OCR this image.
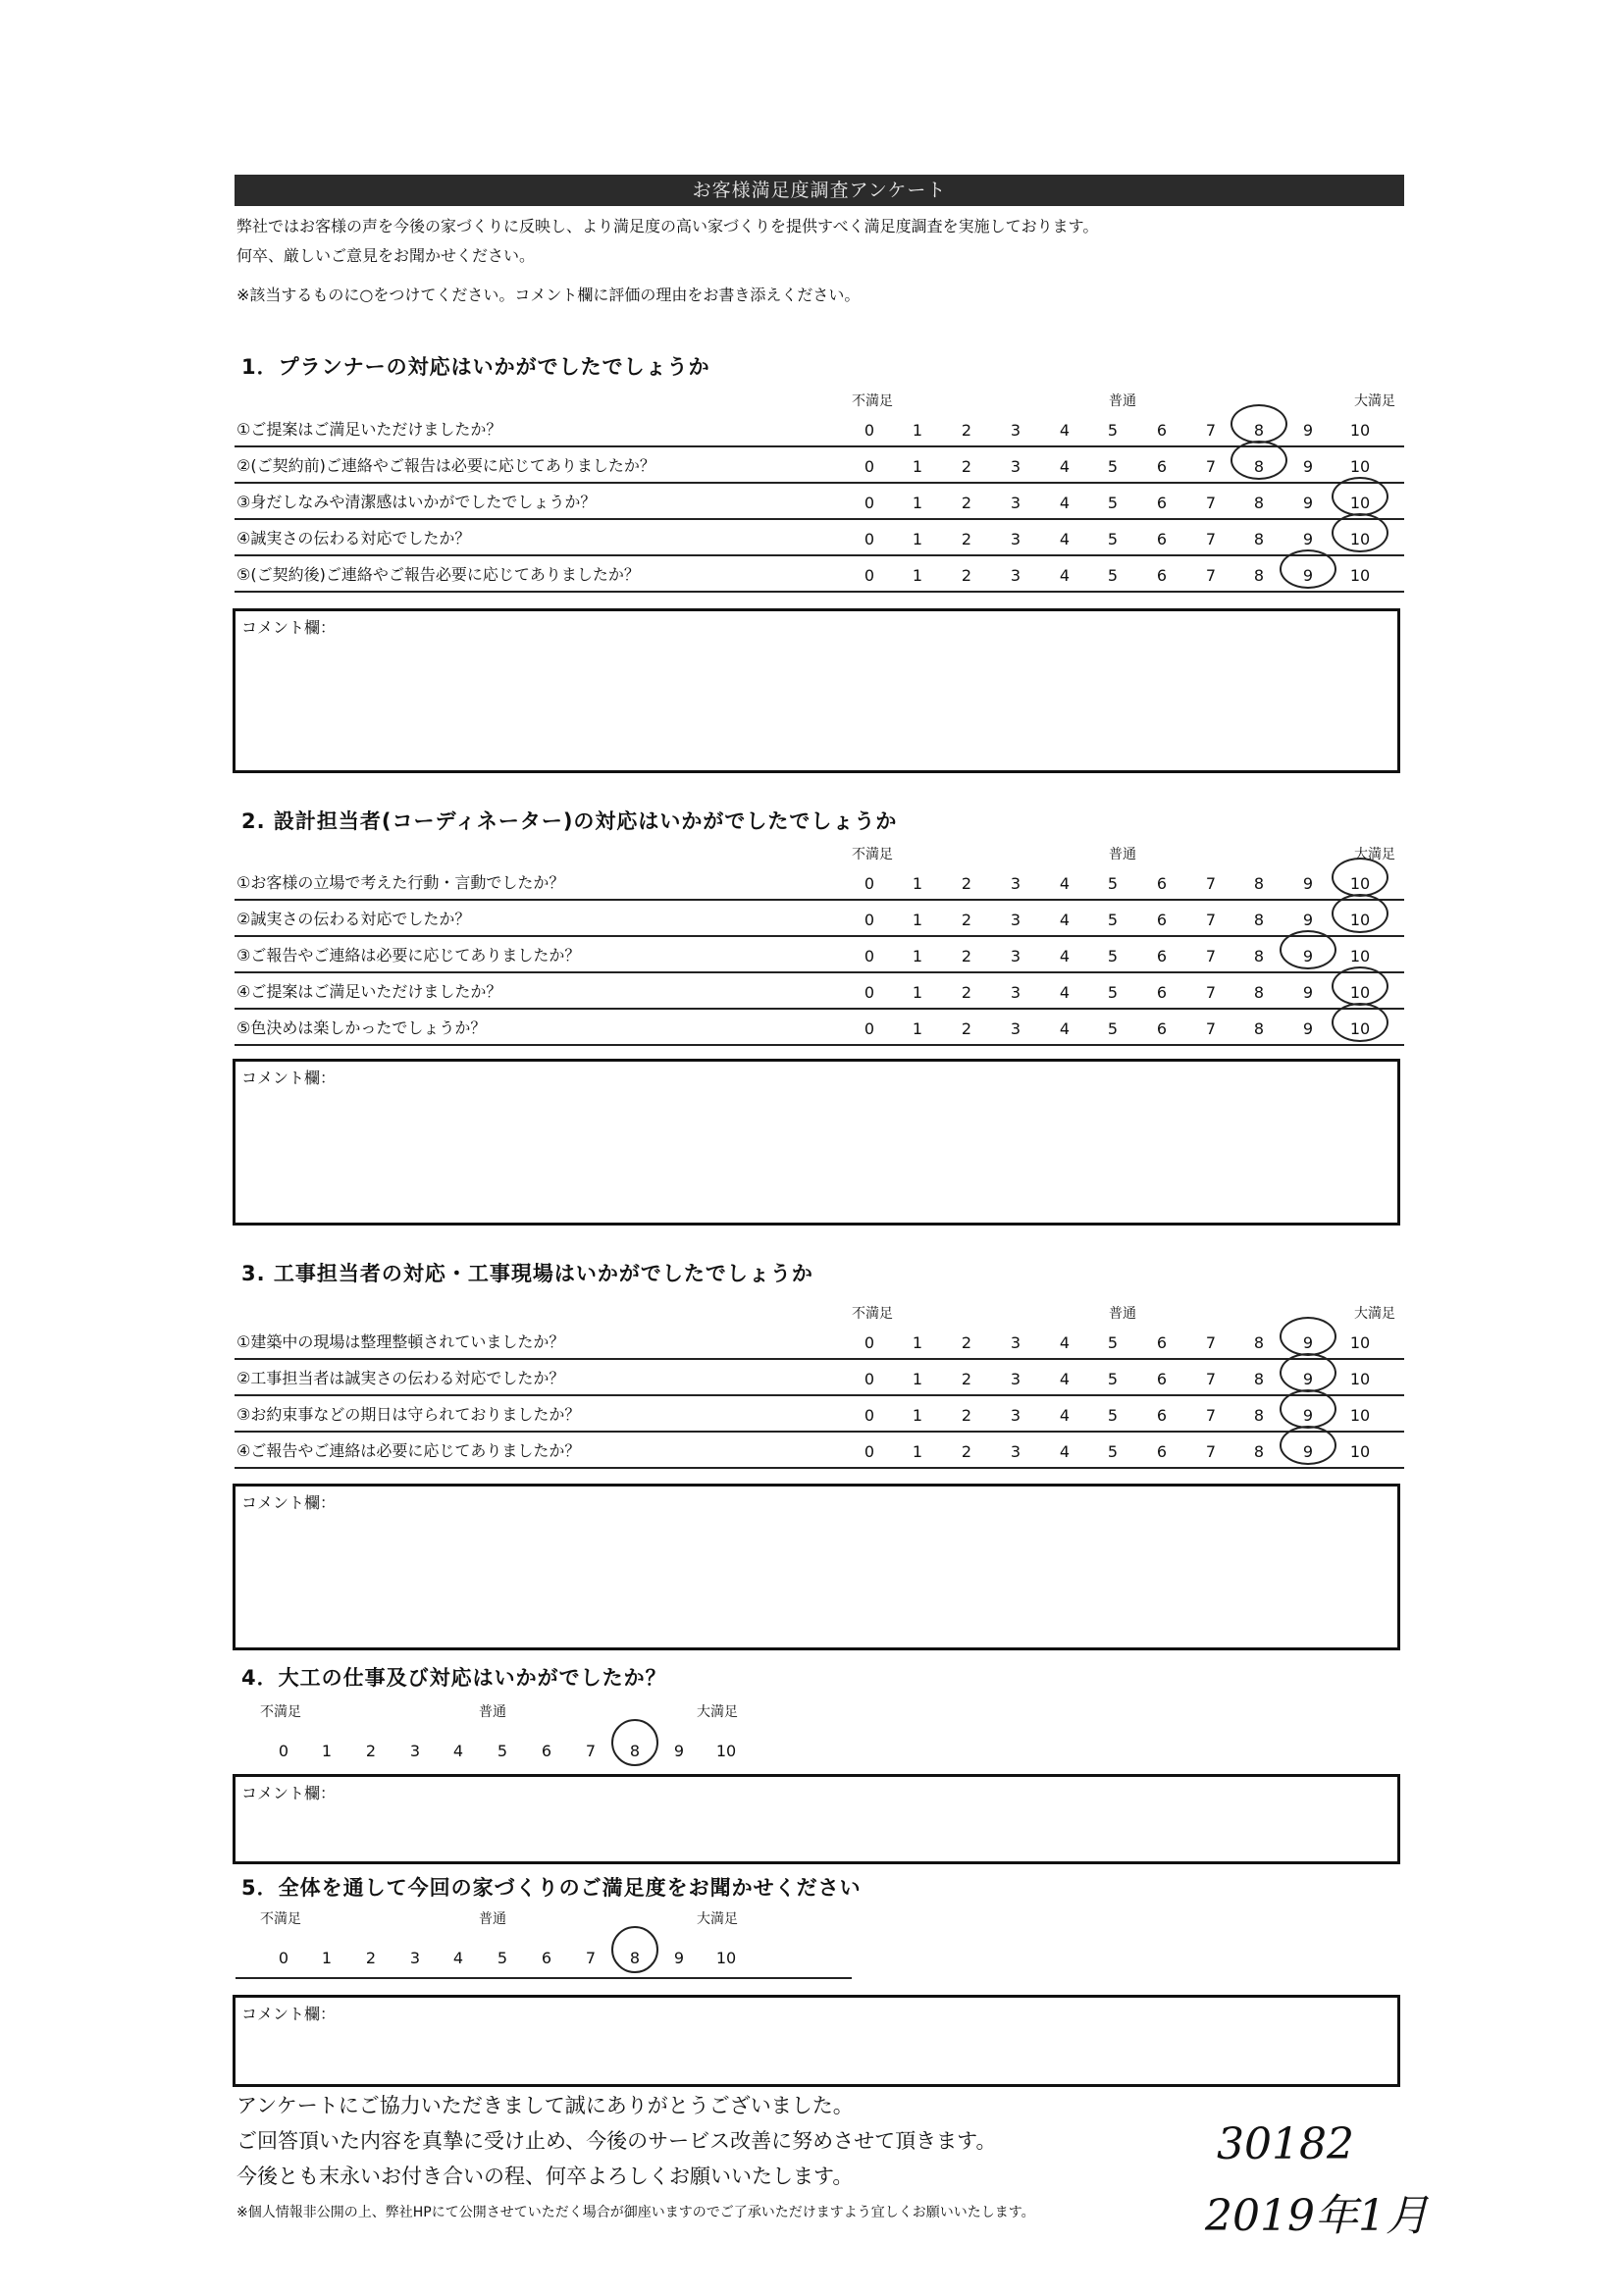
お客様満足度調査アンケート
弊社ではお客様の声を今後の家づくりに反映し、より満足度の高い家づくりを提供すべく満足度調査を実施しております。
何卒、厳しいご意見をお聞かせください。
※該当するものに○をつけてください。コメント欄に評価の理由をお書き添えください。
1．プランナーの対応はいかがでしたでしょうか
2. 設計担当者(コーディネーター)の対応はいかがでしたでしょうか
3. 工事担当者の対応・工事現場はいかがでしたでしょうか
4．大工の仕事及び対応はいかがでしたか？
5．全体を通して今回の家づくりのご満足度をお聞かせください
不満足	普通	大満足
不満足	普通	大満足
不満足	普通	大満足
①ご提案はご満足いただけましたか？	0	1	2	3	4	5	6	7	8	9	10
②(ご契約前)ご連絡やご報告は必要に応じてありましたか？	0	1	2	3	4	5	6	7	8	9	10
③身だしなみや清潔感はいかがでしたでしょうか？	0	1	2	3	4	5	6	7	8	9	10
④誠実さの伝わる対応でしたか？	0	1	2	3	4	5	6	7	8	9	10
⑤(ご契約後)ご連絡やご報告必要に応じてありましたか？	0	1	2	3	4	5	6	7	8	9	10
①お客様の立場で考えた行動・言動でしたか？	0	1	2	3	4	5	6	7	8	9	10
②誠実さの伝わる対応でしたか？	0	1	2	3	4	5	6	7	8	9	10
③ご報告やご連絡は必要に応じてありましたか？	0	1	2	3	4	5	6	7	8	9	10
④ご提案はご満足いただけましたか？	0	1	2	3	4	5	6	7	8	9	10
⑤色決めは楽しかったでしょうか？	0	1	2	3	4	5	6	7	8	9	10
①建築中の現場は整理整頓されていましたか？	0	1	2	3	4	5	6	7	8	9	10
②工事担当者は誠実さの伝わる対応でしたか？	0	1	2	3	4	5	6	7	8	9	10
③お約束事などの期日は守られておりましたか？	0	1	2	3	4	5	6	7	8	9	10
④ご報告やご連絡は必要に応じてありましたか？	0	1	2	3	4	5	6	7	8	9	10
コメント欄：
コメント欄：
コメント欄：
コメント欄：
コメント欄：
不満足	普通	大満足
0	1	2	3	4	5	6	7	8	9	10
不満足	普通	大満足
0	1	2	3	4	5	6	7	8	9	10
アンケートにご協力いただきまして誠にありがとうございました。
ご回答頂いた内容を真摯に受け止め、今後のサービス改善に努めさせて頂きます。
今後とも末永いお付き合いの程、何卒よろしくお願いいたします。
※個人情報非公開の上、弊社HPにて公開させていただく場合が御座いますのでご了承いただけますよう宜しくお願いいたします。
30182
2019年1月
